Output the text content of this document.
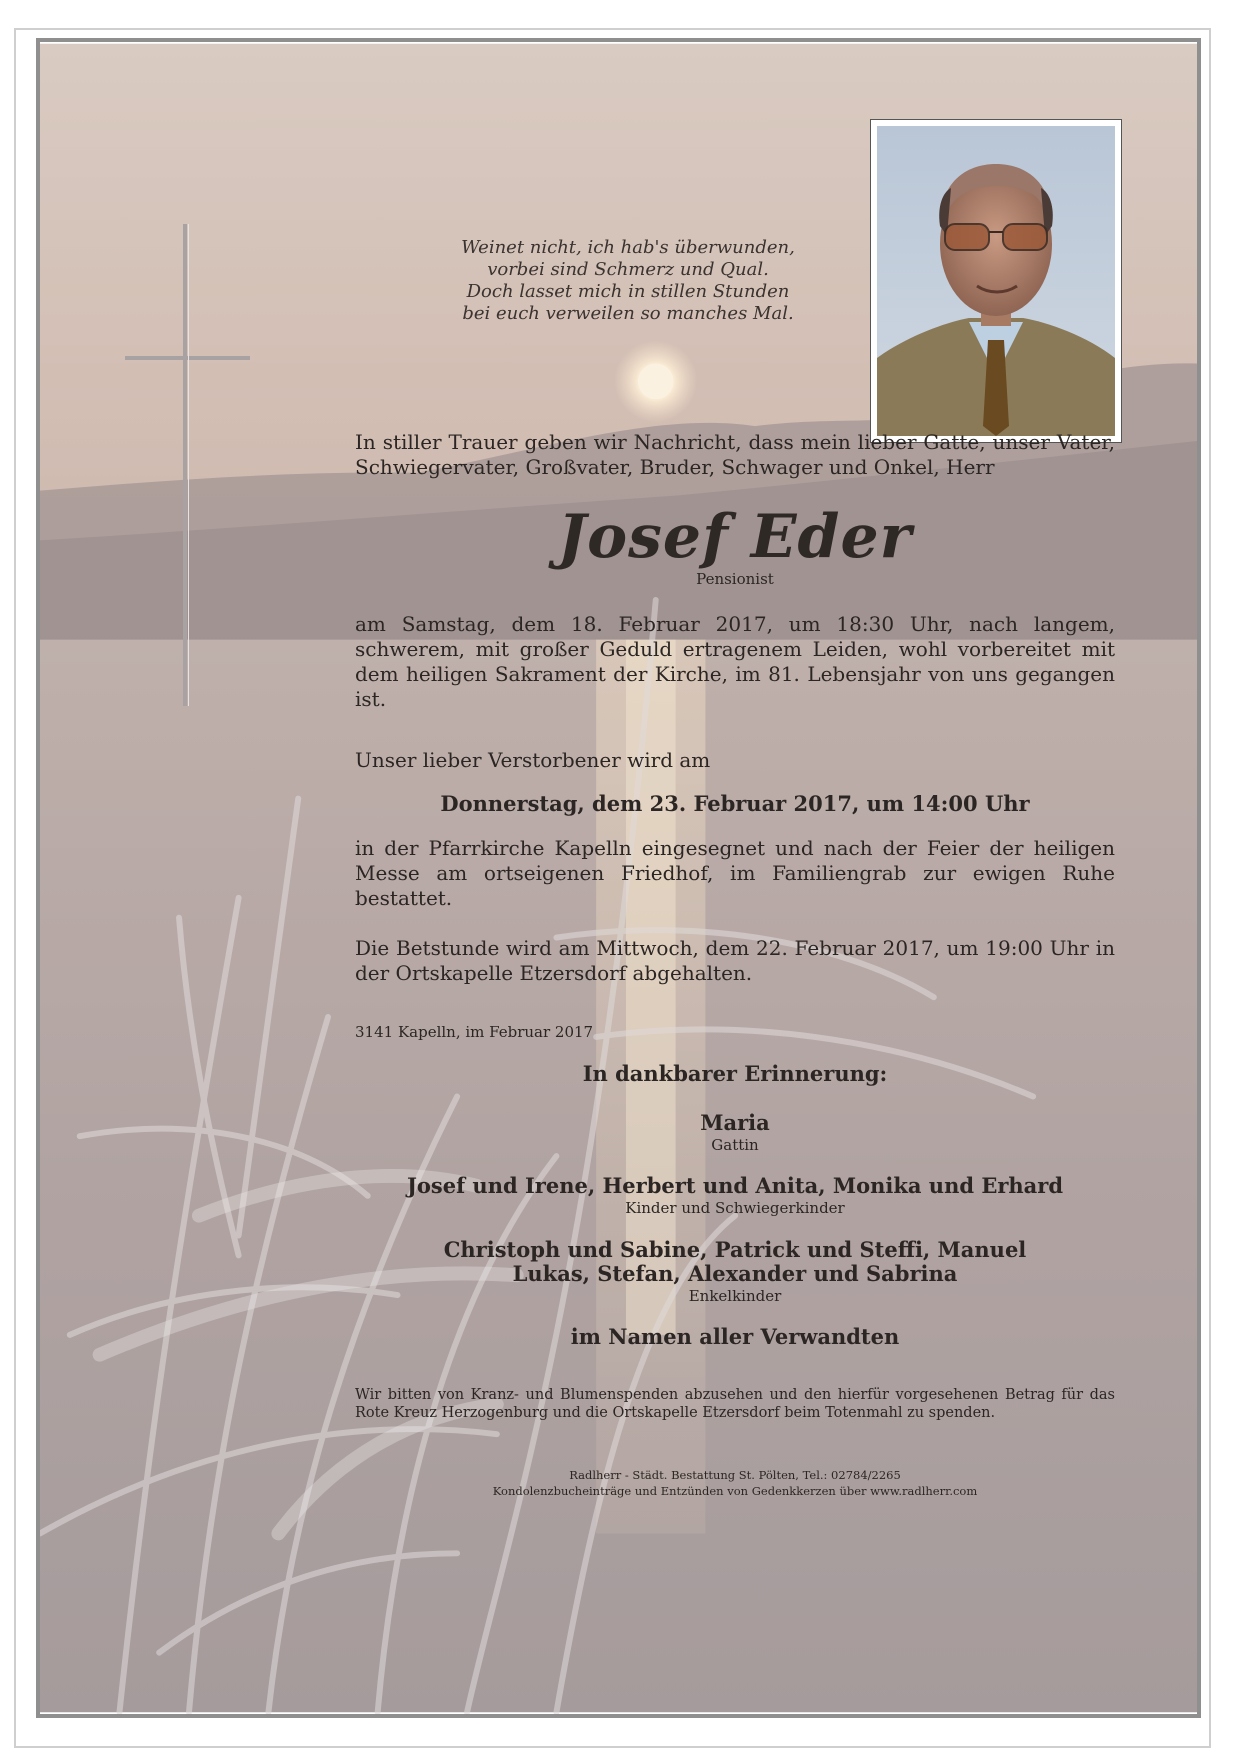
Weinet nicht, ich hab's überwunden,
vorbei sind Schmerz und Qual.
Doch lasset mich in stillen Stunden
bei euch verweilen so manches Mal.
In stiller Trauer geben wir Nachricht, dass mein lieber Gatte, unser Vater, Schwiegervater, Großvater, Bruder, Schwager und Onkel, Herr
Josef Eder
Pensionist
am Samstag, dem 18. Februar 2017, um 18:30 Uhr, nach langem, schwerem, mit großer Geduld ertragenem Leiden, wohl vorbereitet mit dem heiligen Sakrament der Kirche, im 81. Lebensjahr von uns gegangen ist.
Unser lieber Verstorbener wird am
Donnerstag, dem 23. Februar 2017, um 14:00 Uhr
in der Pfarrkirche Kapelln eingesegnet und nach der Feier der heiligen Messe am ortseigenen Friedhof, im Familiengrab zur ewigen Ruhe bestattet.
Die Betstunde wird am Mittwoch, dem 22. Februar 2017, um 19:00 Uhr in der Ortskapelle Etzersdorf abgehalten.
3141 Kapelln, im Februar 2017
In dankbarer Erinnerung:
Maria
Gattin
Josef und Irene, Herbert und Anita, Monika und Erhard
Kinder und Schwiegerkinder
Christoph und Sabine, Patrick und Steffi, Manuel
Lukas, Stefan, Alexander und Sabrina
Enkelkinder
im Namen aller Verwandten
Wir bitten von Kranz- und Blumenspenden abzusehen und den hierfür vorgesehenen Betrag für das Rote Kreuz Herzogenburg und die Ortskapelle Etzersdorf beim Totenmahl zu spenden.
Radlherr - Städt. Bestattung St. Pölten, Tel.: 02784/2265
Kondolenzbucheinträge und Entzünden von Gedenkkerzen über www.radlherr.com
